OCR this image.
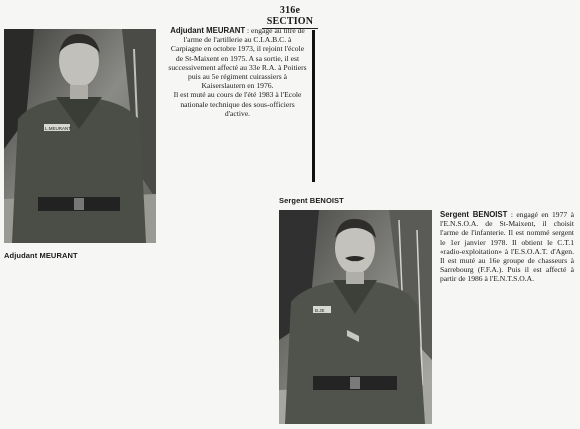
316e SECTION
L.MEURANT
Adjudant MEURANT

Adjudant MEURANT : engagé au titre de l'arme de l'artillerie au C.I.A.B.C. à Carpiagne en octobre 1973, il rejoint l'école de St-Maixent en 1975. A sa sortie, il est successivement affecté au 33e R.A. à Poitiers puis au 5e régiment cuirassiers à Kaiserslautern en 1976.

Il est muté au cours de l'été 1983 à l'Ecole nationale technique des sous-officiers d'active.

Sergent BENOIST
B.JE

Sergent BENOIST : engagé en 1977 à l'E.N.S.O.A. de St-Maixent, il choisit l'arme de l'infanterie. Il est nommé sergent le 1er janvier 1978. Il obtient le C.T.1 «radio-exploitation» à l'E.S.O.A.T. d'Agen. Il est muté au 16e groupe de chasseurs à Sarrebourg (F.F.A.). Puis il est affecté à partir de 1986 à l'E.N.T.S.O.A.
